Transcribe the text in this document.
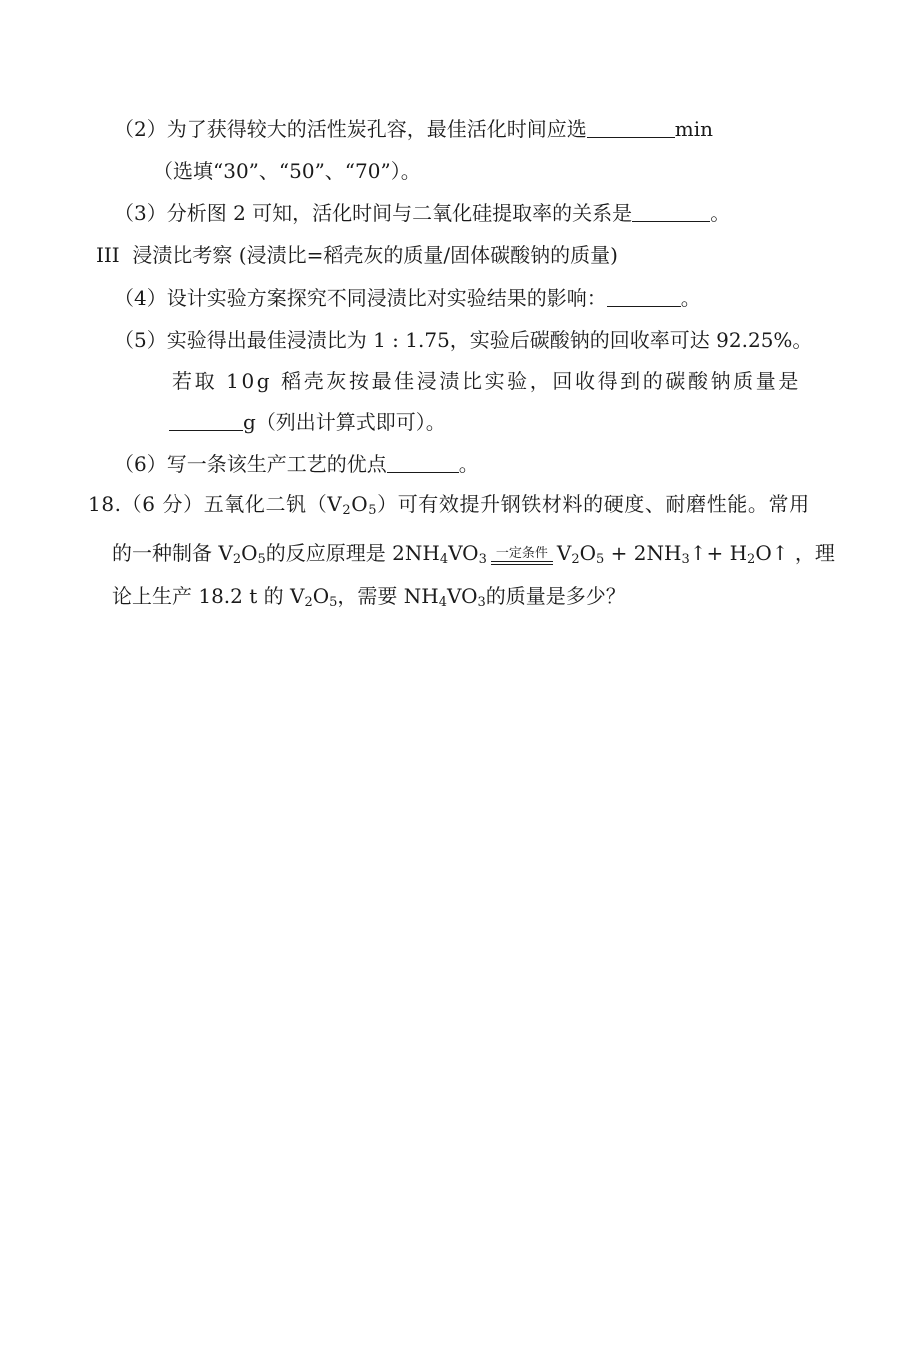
（2）为了获得较大的活性炭孔容，最佳活化时间应选	min
（选填“30”、“50”、“70”）。
（3）分析图 2 可知，活化时间与二氧化硅提取率的关系是	。
III 浸渍比考察 (浸渍比=稻壳灰的质量/固体碳酸钠的质量)
（4）设计实验方案探究不同浸渍比对实验结果的影响：	。
（5）实验得出最佳浸渍比为 1 : 1.75，实验后碳酸钠的回收率可达 92.25%。
若取 10g 稻壳灰按最佳浸渍比实验，回收得到的碳酸钠质量是
g（列出计算式即可）。
（6）写一条该生产工艺的优点	。
18.（6 分）五氧化二钒$(V_2O_5)$可有效提升钢铁材料的硬度、耐磨性能。常用
的一种制备 $V_2O_5$的反应原理是 $2NH_4VO_3$ 一定条件 $V_2O_5$ + $2NH_3↑+$ $H_2O↑$ ，理
论上生产 18.2 t 的 $V_2O_5$，需要 $NH_4VO_3$的质量是多少？
